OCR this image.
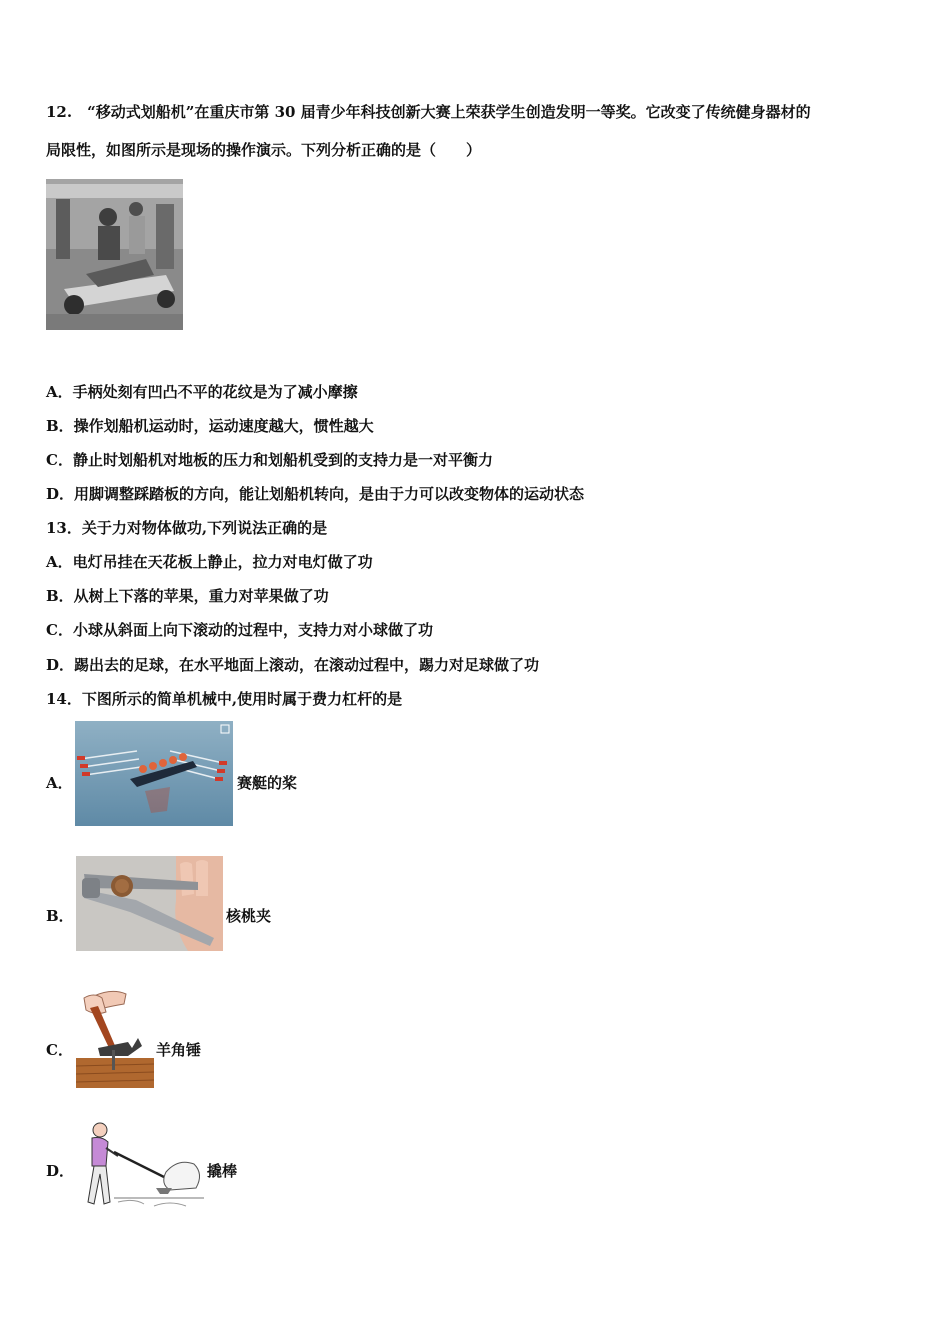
12.　“移动式划船机”在重庆市第 30 届青少年科技创新大赛上荣获学生创造发明一等奖。它改变了传统健身器材的
局限性，如图所示是现场的操作演示。下列分析正确的是（　　）
A．手柄处刻有凹凸不平的花纹是为了减小摩擦
B．操作划船机运动时，运动速度越大，惯性越大
C．静止时划船机对地板的压力和划船机受到的支持力是一对平衡力
D．用脚调整踩踏板的方向，能让划船机转向，是由于力可以改变物体的运动状态
13．关于力对物体做功,下列说法正确的是
A．电灯吊挂在天花板上静止，拉力对电灯做了功
B．从树上下落的苹果，重力对苹果做了功
C．小球从斜面上向下滚动的过程中，支持力对小球做了功
D．踢出去的足球，在水平地面上滚动，在滚动过程中，踢力对足球做了功
14．下图所示的简单机械中,使用时属于费力杠杆的是
A．	赛艇的桨
B．	核桃夹
C．	羊角锤
D．	撬棒
